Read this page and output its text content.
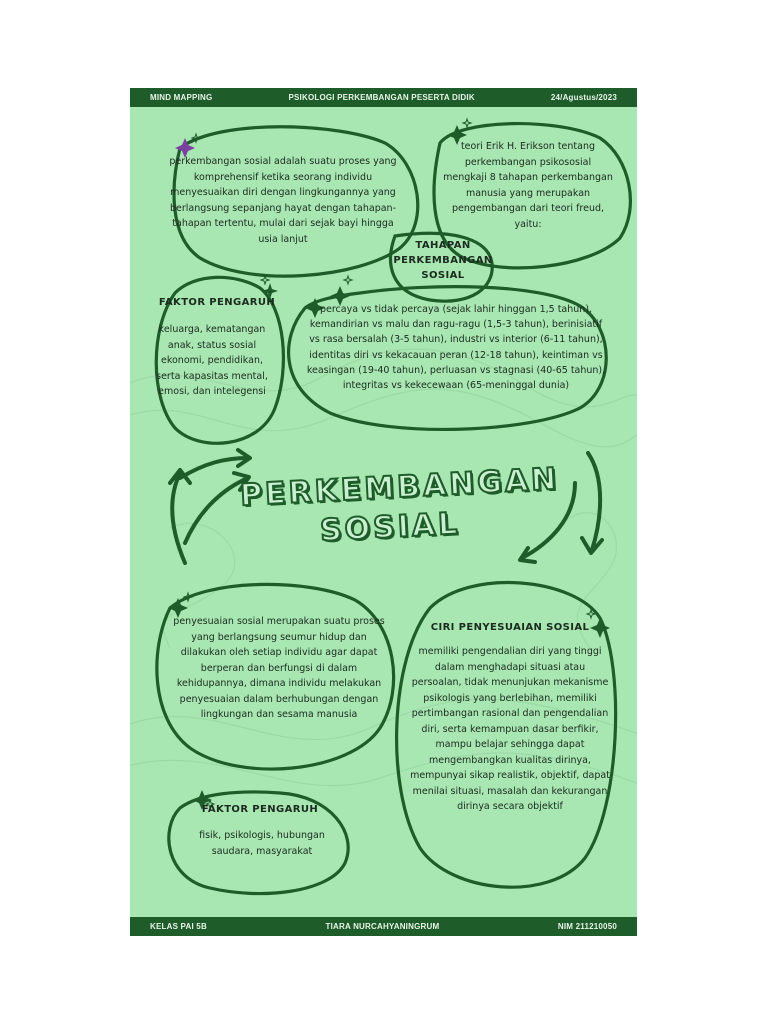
MIND MAPPING	PSIKOLOGI PERKEMBANGAN PESERTA DIDIK	24/Agustus/2023
KELAS PAI 5B	TIARA NURCAHYANINGRUM	NIM 211210050
perkembangan sosial adalah suatu proses yang komprehensif ketika seorang individu menyesuaikan diri dengan lingkungannya yang berlangsung sepanjang hayat dengan tahapan-tahapan tertentu, mulai dari sejak bayi hingga usia lanjut
teori Erik H. Erikson tentang perkembangan psikososial mengkaji 8 tahapan perkembangan manusia yang merupakan pengembangan dari teori freud, yaitu:
TAHAPAN PERKEMBANGAN SOSIAL
percaya vs tidak percaya (sejak lahir hinggan 1,5 tahun), kemandirian vs malu dan ragu-ragu (1,5-3 tahun), berinisiatif vs rasa bersalah (3-5 tahun), industri vs interior (6-11 tahun), identitas diri vs kekacauan peran (12-18 tahun), keintiman vs keasingan (19-40 tahun), perluasan vs stagnasi (40-65 tahun), integritas vs kekecewaan (65-meninggal dunia)
FAKTOR PENGARUH
keluarga, kematangan anak, status sosial ekonomi, pendidikan, serta kapasitas mental, emosi, dan intelegensi
PERKEMBANGAN
SOSIAL
penyesuaian sosial merupakan suatu proses yang berlangsung seumur hidup dan dilakukan oleh setiap individu agar dapat berperan dan berfungsi di dalam kehidupannya, dimana individu melakukan penyesuaian dalam berhubungan dengan lingkungan dan sesama manusia
CIRI PENYESUAIAN SOSIAL
memiliki pengendalian diri yang tinggi dalam menghadapi situasi atau persoalan, tidak menunjukan mekanisme psikologis yang berlebihan, memiliki pertimbangan rasional dan pengendalian diri, serta kemampuan dasar berfikir, mampu belajar sehingga dapat mengembangkan kualitas dirinya, mempunyai sikap realistik, objektif, dapat menilai situasi, masalah dan kekurangan dirinya secara objektif
FAKTOR PENGARUH
fisik, psikologis, hubungan saudara, masyarakat
